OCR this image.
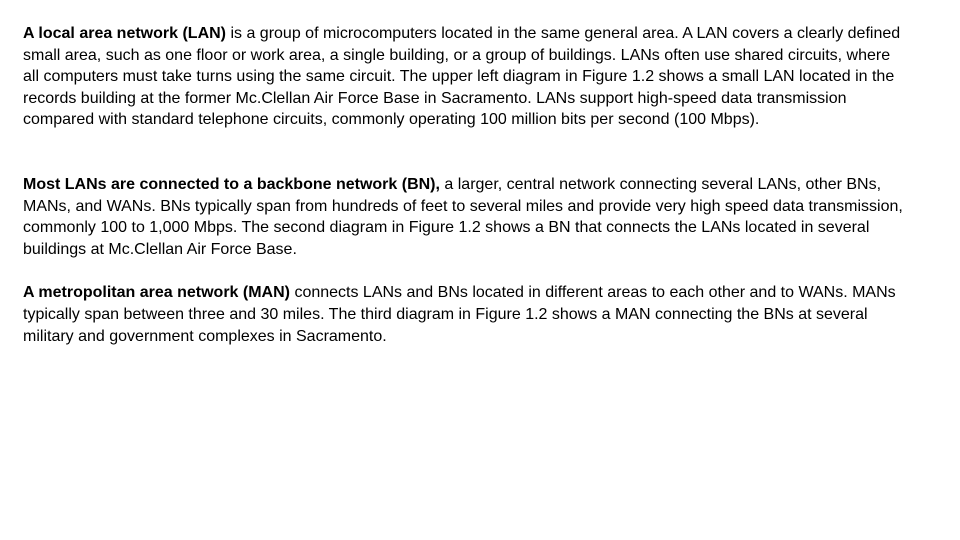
A local area network (LAN) is a group of microcomputers located in the same general area. A LAN covers a clearly defined small area, such as one floor or work area, a single building, or a group of buildings. LANs often use shared circuits, where all computers must take turns using the same circuit. The upper left diagram in Figure 1.2 shows a small LAN located in the records building at the former Mc.Clellan Air Force Base in Sacramento. LANs support high-speed data transmission compared with standard telephone circuits, commonly operating 100 million bits per second (100 Mbps).

Most LANs are connected to a backbone network (BN), a larger, central network connecting several LANs, other BNs, MANs, and WANs. BNs typically span from hundreds of feet to several miles and provide very high speed data transmission, commonly 100 to 1,000 Mbps. The second diagram in Figure 1.2 shows a BN that connects the LANs located in several buildings at Mc.Clellan Air Force Base.

A metropolitan area network (MAN) connects LANs and BNs located in different areas to each other and to WANs. MANs typically span between three and 30 miles. The third diagram in Figure 1.2 shows a MAN connecting the BNs at several military and government complexes in Sacramento.
